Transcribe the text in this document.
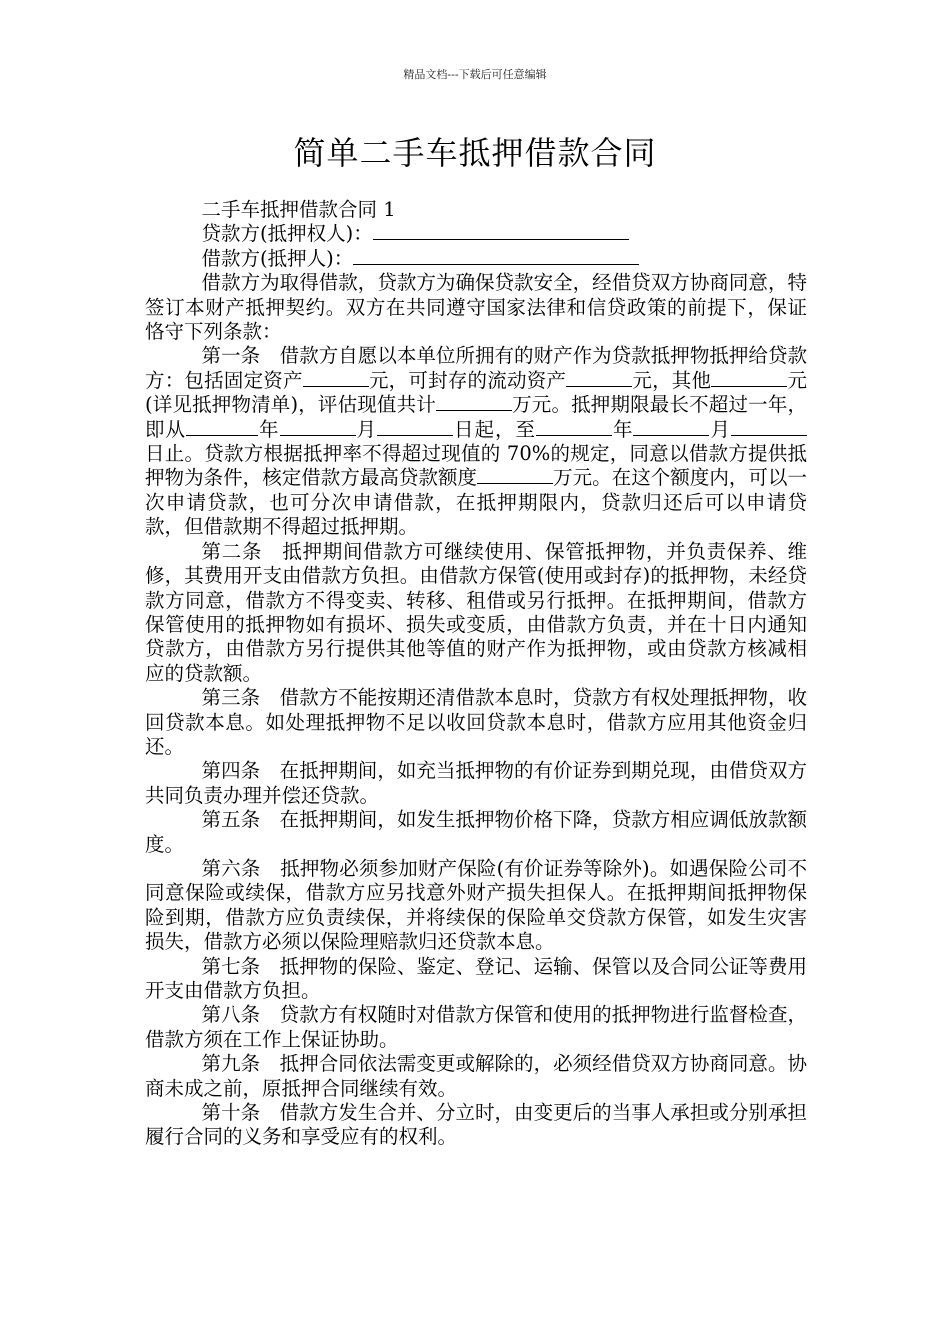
精品文档---下载后可任意编辑
简单二手车抵押借款合同

二手车抵押借款合同 1

贷款方(抵押权人)：

借款方(抵押人)：

借款方为取得借款，贷款方为确保贷款安全，经借贷双方协商同意，特签订本财产抵押契约。双方在共同遵守国家法律和信贷政策的前提下，保证恪守下列条款：

第一条　借款方自愿以本单位所拥有的财产作为贷款抵押物抵押给贷款方：包括固定资产	元，可封存的流动资产	元，其他	元(详见抵押物清单)，评估现值共计	万元。抵押期限最长不超过一年，即从	年	月	日起，至	年	月日止。贷款方根据抵押率不得超过现值的 70%的规定，同意以借款方提供抵押物为条件，核定借款方最高贷款额度	万元。在这个额度内，可以一次申请贷款，也可分次申请借款，在抵押期限内，贷款归还后可以申请贷款，但借款期不得超过抵押期。

第二条　抵押期间借款方可继续使用、保管抵押物，并负责保养、维修，其费用开支由借款方负担。由借款方保管(使用或封存)的抵押物，未经贷款方同意，借款方不得变卖、转移、租借或另行抵押。在抵押期间，借款方保管使用的抵押物如有损坏、损失或变质，由借款方负责，并在十日内通知贷款方，由借款方另行提供其他等值的财产作为抵押物，或由贷款方核减相应的贷款额。

第三条　借款方不能按期还清借款本息时，贷款方有权处理抵押物，收回贷款本息。如处理抵押物不足以收回贷款本息时，借款方应用其他资金归还。

第四条　在抵押期间，如充当抵押物的有价证券到期兑现，由借贷双方共同负责办理并偿还贷款。

第五条　在抵押期间，如发生抵押物价格下降，贷款方相应调低放款额度。

第六条　抵押物必须参加财产保险(有价证券等除外)。如遇保险公司不同意保险或续保，借款方应另找意外财产损失担保人。在抵押期间抵押物保险到期，借款方应负责续保，并将续保的保险单交贷款方保管，如发生灾害损失，借款方必须以保险理赔款归还贷款本息。

第七条　抵押物的保险、鉴定、登记、运输、保管以及合同公证等费用开支由借款方负担。

第八条　贷款方有权随时对借款方保管和使用的抵押物进行监督检查，借款方须在工作上保证协助。

第九条　抵押合同依法需变更或解除的，必须经借贷双方协商同意。协商未成之前，原抵押合同继续有效。

第十条　借款方发生合并、分立时，由变更后的当事人承担或分别承担履行合同的义务和享受应有的权利。
